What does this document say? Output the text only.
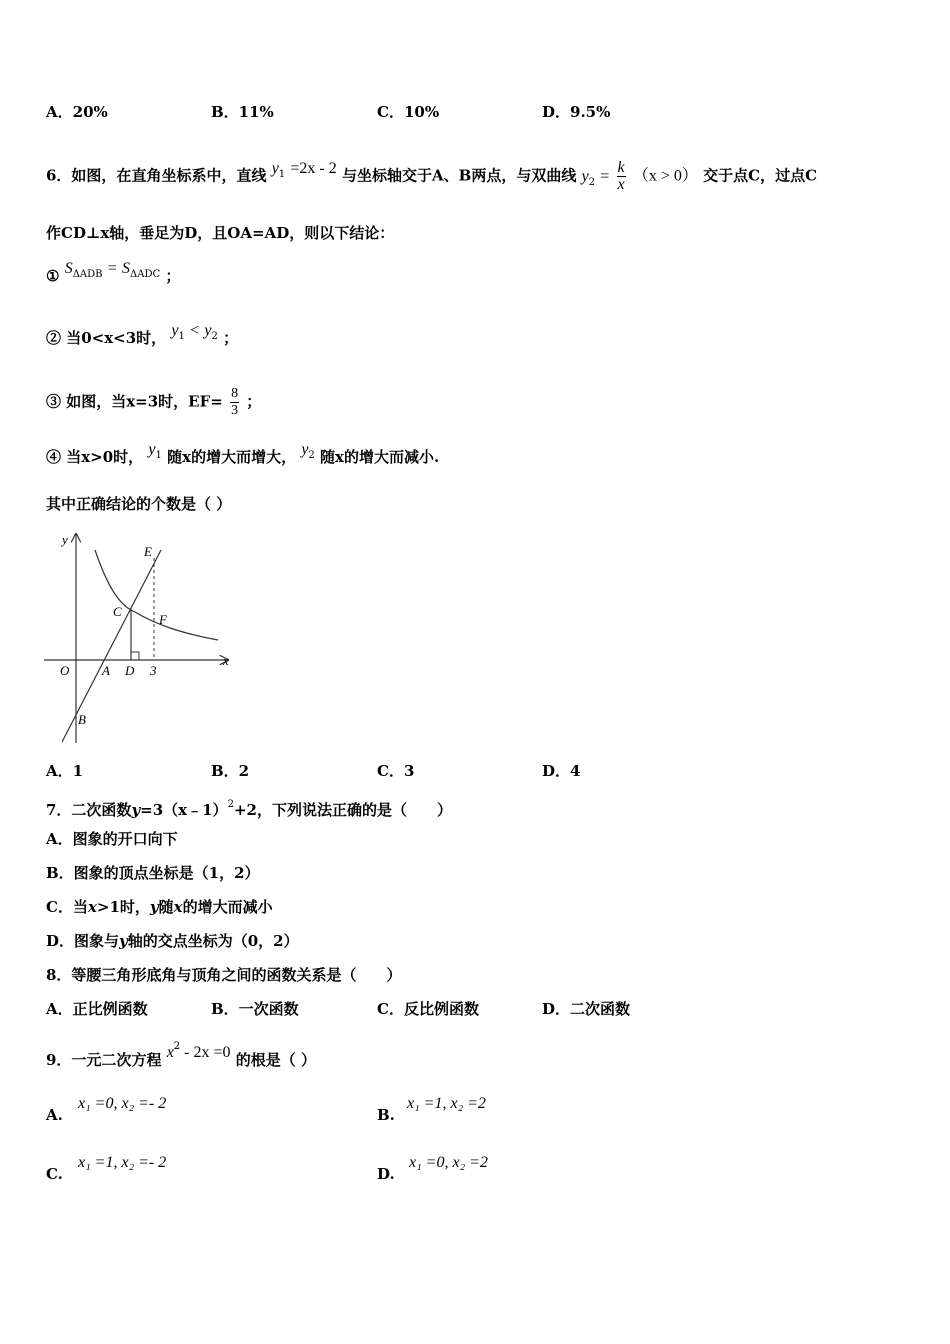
A．20%	B．11%	C．10%	D．9.5%
6．如图，在直角坐标系中，直线 $y_1 =2x - 2$ 与坐标轴交于A、B两点，与双曲线 $y_2 = \frac{k}{x} (x > 0)$ 交于点C，过点C
作CD⊥x轴，垂足为D，且OA=AD，则以下结论：
① $S_{\Delta ADB} = S_{\Delta ADC}$ ；
② 当0<x<3时， $y_1 < y_2$ ；
③ 如图，当x=3时，$EF= \frac{8}{3}$ ；
④ 当x>0时， $y_1$ 随x的增大而增大， $y_2$ 随x的增大而减小.
其中正确结论的个数是（ ）
y
x
O	A D 3
B
C
E
F
A．1	B．2	C．3	D．4
7．二次函数y=3（x﹣1）$^2$+2，下列说法正确的是（　　）
A．图象的开口向下
B．图象的顶点坐标是（1，2）
C．当x>1时，y随x的增大而减小
D．图象与y轴的交点坐标为（0，2）
8．等腰三角形底角与顶角之间的函数关系是（　　）
A．正比例函数	B．一次函数	C．反比例函数	D．二次函数
9．一元二次方程 $x^2 - 2x =0$ 的根是（ ）
A.
x₁ =0, x₂ =- 2
B.
x₁ =1, x₂ =2
C.
x₁ =1, x₂ =- 2
D.
x₁ =0, x₂ =2
